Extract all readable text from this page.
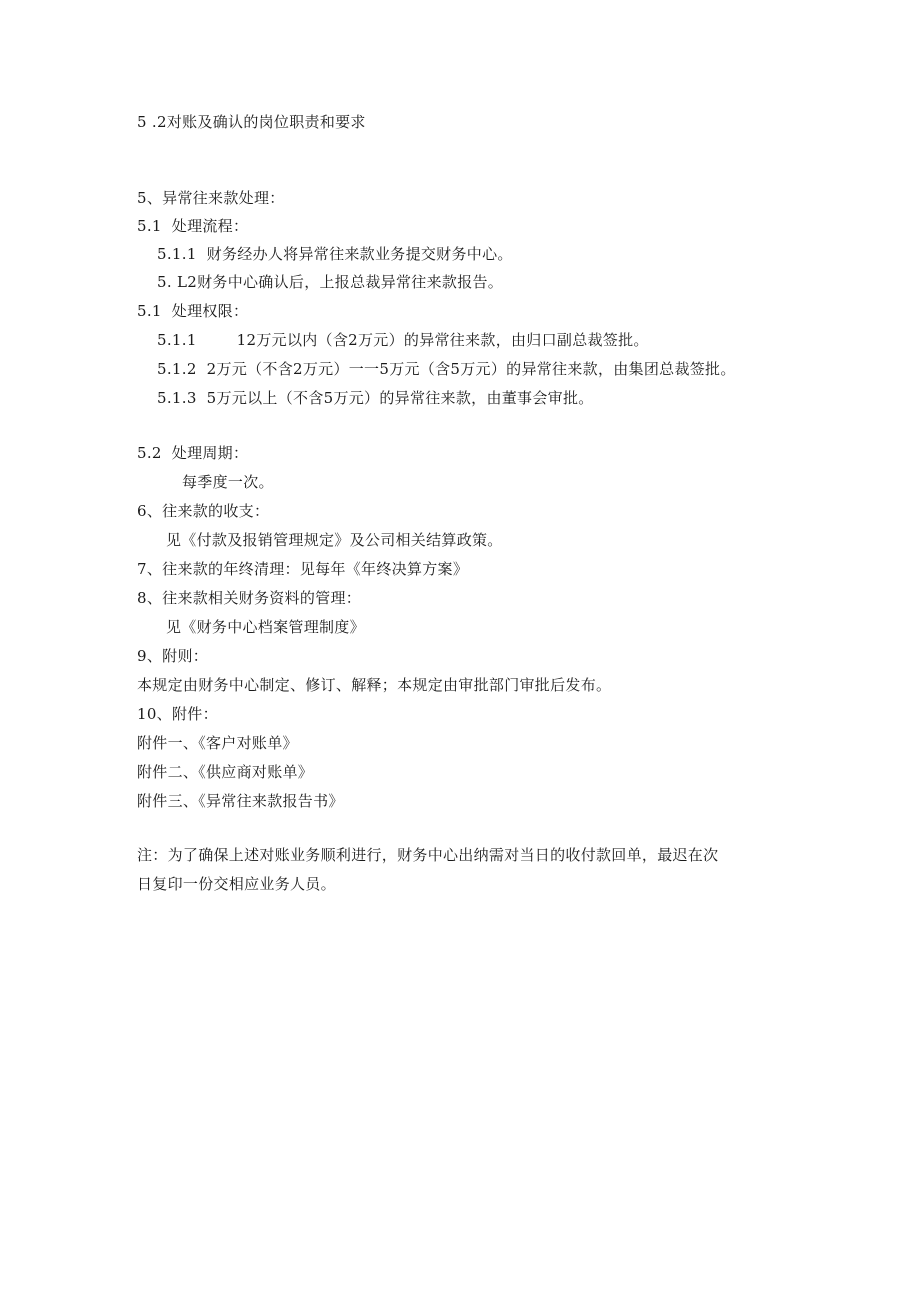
5 .2对账及确认的岗位职责和要求
5、异常往来款处理：
5.1 处理流程：
5.1.1 财务经办人将异常往来款业务提交财务中心。
5. L2财务中心确认后，上报总裁异常往来款报告。
5.1 处理权限：
5.1.1	12万元以内（含2万元）的异常往来款，由归口副总裁签批。
5.1.2 2万元（不含2万元）一一5万元（含5万元）的异常往来款，由集团总裁签批。
5.1.3 5万元以上（不含5万元）的异常往来款，由董事会审批。
5.2 处理周期：
每季度一次。
6、往来款的收支：
见《付款及报销管理规定》及公司相关结算政策。
7、往来款的年终清理：见每年《年终决算方案》
8、往来款相关财务资料的管理：
见《财务中心档案管理制度》
9、附则：
本规定由财务中心制定、修订、解释；本规定由审批部门审批后发布。
10、附件：
附件一、《客户对账单》
附件二、《供应商对账单》
附件三、《异常往来款报告书》
注：为了确保上述对账业务顺利进行，财务中心出纳需对当日的收付款回单，最迟在次
日复印一份交相应业务人员。
